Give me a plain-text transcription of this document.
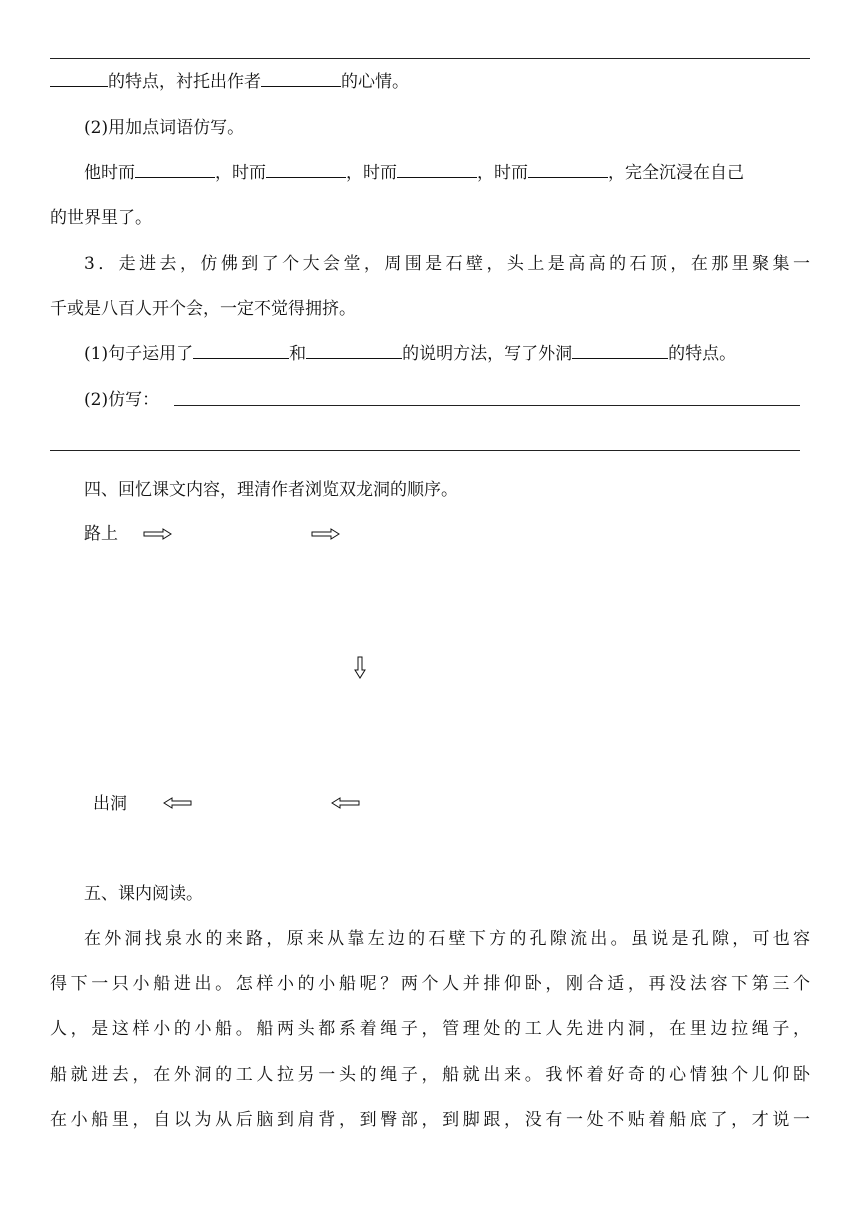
的特点，衬托出作者	的心情。
(2)用加点词语仿写。
他时而	，时而	，时而	，时而	，完全沉浸在自己
的世界里了。
3．走进去，仿佛到了个大会堂，周围是石壁，头上是高高的石顶，在那里聚集一
千或是八百人开个会，一定不觉得拥挤。
(1)句子运用了	和	的说明方法，写了外洞	的特点。
(2)仿写：
四、回忆课文内容，理清作者浏览双龙洞的顺序。
路上
出洞
五、课内阅读。
在外洞找泉水的来路，原来从靠左边的石壁下方的孔隙流出。虽说是孔隙，可也容
得下一只小船进出。怎样小的小船呢？两个人并排仰卧，刚合适，再没法容下第三个
人，是这样小的小船。船两头都系着绳子，管理处的工人先进内洞，在里边拉绳子，
船就进去，在外洞的工人拉另一头的绳子，船就出来。我怀着好奇的心情独个儿仰卧
在小船里，自以为从后脑到肩背，到臀部，到脚跟，没有一处不贴着船底了，才说一
